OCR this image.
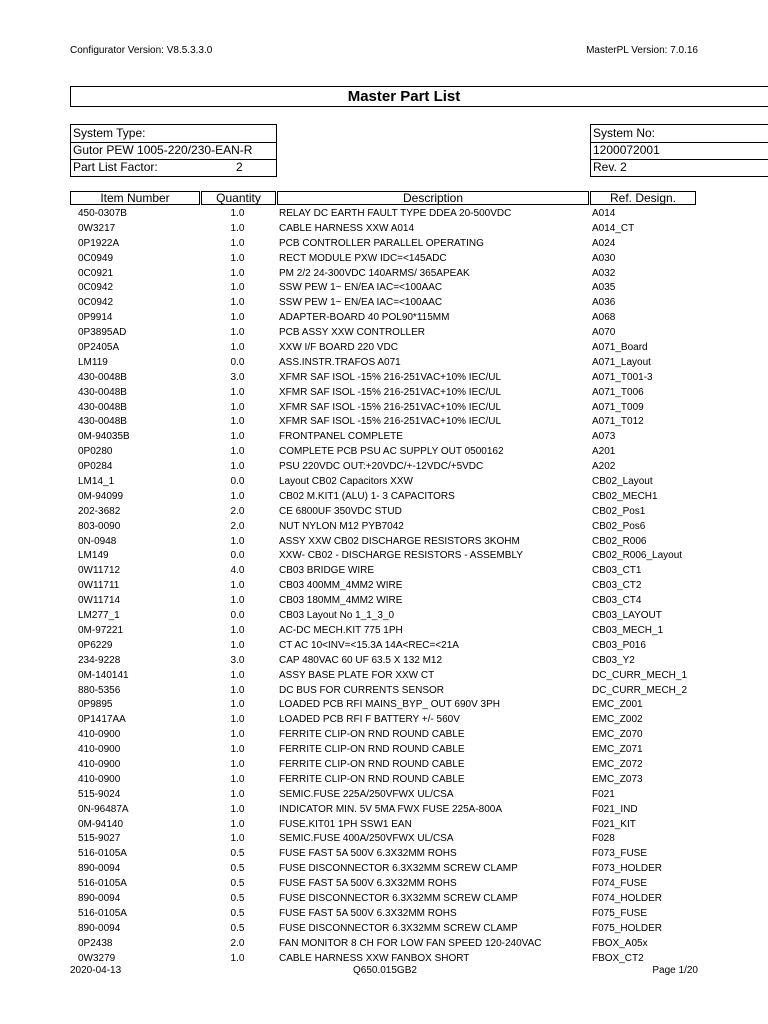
Configurator Version: V8.5.3.3.0	MasterPL Version: 7.0.16
Master Part List
System Type:
Gutor PEW 1005-220/230-EAN-R
Part List Factor:	2
System No:
1200072001
Rev. 2
Item Number	Quantity	Description	Ref. Design.
450-0307B	1.0	RELAY DC EARTH FAULT TYPE DDEA 20-500VDC	A014
0W3217	1.0	CABLE HARNESS XXW A014	A014_CT
0P1922A	1.0	PCB CONTROLLER PARALLEL OPERATING	A024
0C0949	1.0	RECT MODULE PXW IDC=<145ADC	A030
0C0921	1.0	PM 2/2 24-300VDC 140ARMS/ 365APEAK	A032
0C0942	1.0	SSW PEW 1~ EN/EA IAC=<100AAC	A035
0C0942	1.0	SSW PEW 1~ EN/EA IAC=<100AAC	A036
0P9914	1.0	ADAPTER-BOARD 40 POL90*115MM	A068
0P3895AD	1.0	PCB ASSY XXW CONTROLLER	A070
0P2405A	1.0	XXW I/F BOARD 220 VDC	A071_Board
LM119	0.0	ASS.INSTR.TRAFOS A071	A071_Layout
430-0048B	3.0	XFMR SAF ISOL -15% 216-251VAC+10% IEC/UL	A071_T001-3
430-0048B	1.0	XFMR SAF ISOL -15% 216-251VAC+10% IEC/UL	A071_T006
430-0048B	1.0	XFMR SAF ISOL -15% 216-251VAC+10% IEC/UL	A071_T009
430-0048B	1.0	XFMR SAF ISOL -15% 216-251VAC+10% IEC/UL	A071_T012
0M-94035B	1.0	FRONTPANEL COMPLETE	A073
0P0280	1.0	COMPLETE PCB PSU AC SUPPLY OUT 0500162	A201
0P0284	1.0	PSU 220VDC OUT:+20VDC/+-12VDC/+5VDC	A202
LM14_1	0.0	Layout CB02 Capacitors XXW	CB02_Layout
0M-94099	1.0	CB02 M.KIT1 (ALU) 1- 3 CAPACITORS	CB02_MECH1
202-3682	2.0	CE 6800UF 350VDC STUD	CB02_Pos1
803-0090	2.0	NUT NYLON M12 PYB7042	CB02_Pos6
0N-0948	1.0	ASSY XXW CB02 DISCHARGE RESISTORS 3KOHM	CB02_R006
LM149	0.0	XXW- CB02 - DISCHARGE RESISTORS - ASSEMBLY	CB02_R006_Layout
0W11712	4.0	CB03 BRIDGE WIRE	CB03_CT1
0W11711	1.0	CB03 400MM_4MM2 WIRE	CB03_CT2
0W11714	1.0	CB03 180MM_4MM2 WIRE	CB03_CT4
LM277_1	0.0	CB03 Layout No 1_1_3_0	CB03_LAYOUT
0M-97221	1.0	AC-DC MECH.KIT 775 1PH	CB03_MECH_1
0P6229	1.0	CT AC 10<INV=<15.3A 14A<REC=<21A	CB03_P016
234-9228	3.0	CAP 480VAC 60 UF 63.5 X 132 M12	CB03_Y2
0M-140141	1.0	ASSY BASE PLATE FOR XXW CT	DC_CURR_MECH_1
880-5356	1.0	DC BUS FOR CURRENTS SENSOR	DC_CURR_MECH_2
0P9895	1.0	LOADED PCB RFI MAINS_BYP_ OUT 690V 3PH	EMC_Z001
0P1417AA	1.0	LOADED PCB RFI F BATTERY +/- 560V	EMC_Z002
410-0900	1.0	FERRITE CLIP-ON RND ROUND CABLE	EMC_Z070
410-0900	1.0	FERRITE CLIP-ON RND ROUND CABLE	EMC_Z071
410-0900	1.0	FERRITE CLIP-ON RND ROUND CABLE	EMC_Z072
410-0900	1.0	FERRITE CLIP-ON RND ROUND CABLE	EMC_Z073
515-9024	1.0	SEMIC.FUSE 225A/250VFWX UL/CSA	F021
0N-96487A	1.0	INDICATOR MIN. 5V 5MA FWX FUSE 225A-800A	F021_IND
0M-94140	1.0	FUSE.KIT01 1PH SSW1 EAN	F021_KIT
515-9027	1.0	SEMIC.FUSE 400A/250VFWX UL/CSA	F028
516-0105A	0.5	FUSE FAST 5A 500V 6.3X32MM ROHS	F073_FUSE
890-0094	0.5	FUSE DISCONNECTOR 6.3X32MM SCREW CLAMP	F073_HOLDER
516-0105A	0.5	FUSE FAST 5A 500V 6.3X32MM ROHS	F074_FUSE
890-0094	0.5	FUSE DISCONNECTOR 6.3X32MM SCREW CLAMP	F074_HOLDER
516-0105A	0.5	FUSE FAST 5A 500V 6.3X32MM ROHS	F075_FUSE
890-0094	0.5	FUSE DISCONNECTOR 6.3X32MM SCREW CLAMP	F075_HOLDER
0P2438	2.0	FAN MONITOR 8 CH FOR LOW FAN SPEED 120-240VAC	FBOX_A05x
0W3279	1.0	CABLE HARNESS XXW FANBOX SHORT	FBOX_CT2
2020-04-13	Q650.015GB2	Page 1/20
